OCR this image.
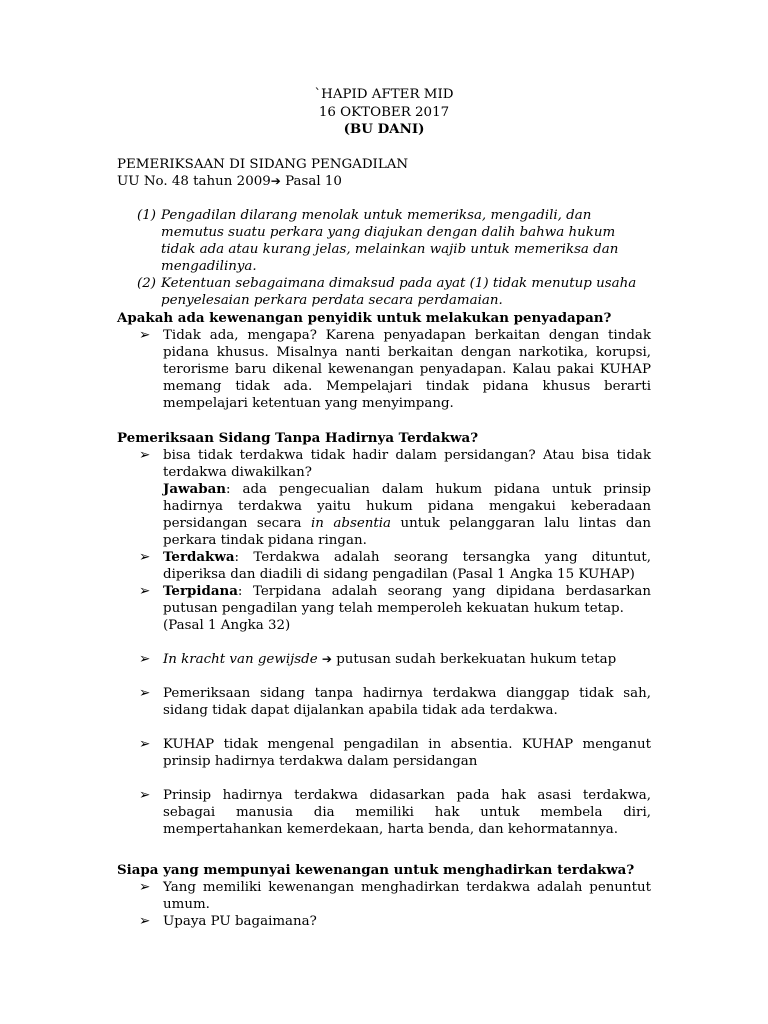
`HAPID AFTER MID
16 OKTOBER 2017
(BU DANI)
PEMERIKSAAN DI SIDANG PENGADILAN
UU No. 48 tahun 2009➔ Pasal 10
(1) Pengadilan dilarang menolak untuk memeriksa, mengadili, dan memutus suatu perkara yang diajukan dengan dalih bahwa hukum tidak ada atau kurang jelas, melainkan wajib untuk memeriksa dan mengadilinya.
(2) Ketentuan sebagaimana dimaksud pada ayat (1) tidak menutup usaha penyelesaian perkara perdata secara perdamaian.
Apakah ada kewenangan penyidik untuk melakukan penyadapan?
➢ Tidak ada, mengapa? Karena penyadapan berkaitan dengan tindak pidana khusus. Misalnya nanti berkaitan dengan narkotika, korupsi, terorisme baru dikenal kewenangan penyadapan. Kalau pakai KUHAP memang tidak ada. Mempelajari tindak pidana khusus berarti mempelajari ketentuan yang menyimpang.
Pemeriksaan Sidang Tanpa Hadirnya Terdakwa?
➢ bisa tidak terdakwa tidak hadir dalam persidangan? Atau bisa tidak terdakwa diwakilkan?
Jawaban: ada pengecualian dalam hukum pidana untuk prinsip hadirnya terdakwa yaitu hukum pidana mengakui keberadaan persidangan secara in absentia untuk pelanggaran lalu lintas dan perkara tindak pidana ringan.
➢ Terdakwa: Terdakwa adalah seorang tersangka yang dituntut, diperiksa dan diadili di sidang pengadilan (Pasal 1 Angka 15 KUHAP)
➢ Terpidana: Terpidana adalah seorang yang dipidana berdasarkan putusan pengadilan yang telah memperoleh kekuatan hukum tetap.
(Pasal 1 Angka 32)
➢ In kracht van gewijsde ➔ putusan sudah berkekuatan hukum tetap
➢ Pemeriksaan sidang tanpa hadirnya terdakwa dianggap tidak sah, sidang tidak dapat dijalankan apabila tidak ada terdakwa.
➢ KUHAP tidak mengenal pengadilan in absentia. KUHAP menganut prinsip hadirnya terdakwa dalam persidangan
➢ Prinsip hadirnya terdakwa didasarkan pada hak asasi terdakwa, sebagai manusia dia memiliki hak untuk membela diri, mempertahankan kemerdekaan, harta benda, dan kehormatannya.
Siapa yang mempunyai kewenangan untuk menghadirkan terdakwa?
➢ Yang memiliki kewenangan menghadirkan terdakwa adalah penuntut umum.
➢ Upaya PU bagaimana?
